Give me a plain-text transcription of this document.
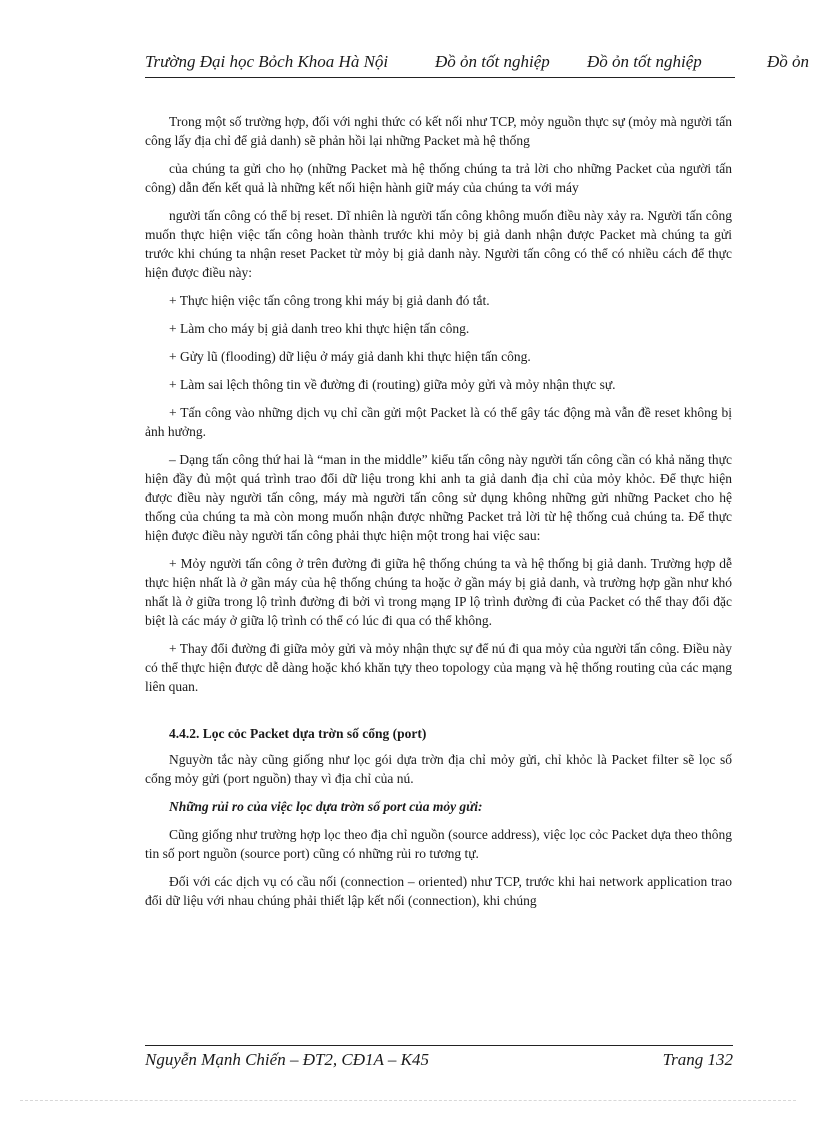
Trường Đại học Bỏch Khoa Hà Nội	Đồ ỏn tốt nghiệp Đồ ỏn tốt nghiệp	Đồ ỏn

Trong một số trường hợp, đối với nghi thức có kết nối như TCP, mỏy nguồn thực sự (mỏy mà người tấn công lấy địa chỉ để giả danh) sẽ phản hồi lại những Packet mà hệ thống

của chúng ta gửi cho họ (những Packet mà hệ thống chúng ta trả lời cho những Packet của người tấn công) dẫn đến kết quả là những kết nối hiện hành giữ máy của chúng ta với máy

người tấn công có thể bị reset. Dĩ nhiên là người tấn công không muốn điều này xảy ra. Người tấn công muốn thực hiện việc tấn công hoàn thành trước khi mỏy bị giả danh nhận được Packet mà chúng ta gửi trước khi chúng ta nhận reset Packet từ mỏy bị giả danh này. Người tấn công có thể có nhiều cách để thực hiện được điều này:

+ Thực hiện việc tấn công trong khi máy bị giả danh đó tắt.

+ Làm cho máy bị giả danh treo khi thực hiện tấn công.

+ Gửy lũ (flooding) dữ liệu ở máy giả danh khi thực hiện tấn công.

+ Làm sai lệch thông tin về đường đi (routing) giữa mỏy gửi và mỏy nhận thực sự.

+ Tấn công vào những dịch vụ chỉ cần gửi một Packet là có thể gây tác động mà vẫn đề reset không bị ảnh hưởng.

– Dạng tấn công thứ hai là “man in the middle” kiểu tấn công này người tấn công cần có khả năng thực hiện đầy đủ một quá trình trao đổi dữ liệu trong khi anh ta giả danh địa chỉ của mỏy khỏc. Để thực hiện được điều này người tấn công, máy mà người tấn công sử dụng không những gửi những Packet cho hệ thống của chúng ta mà còn mong muốn nhận được những Packet trả lời từ hệ thống cuả chúng ta. Để thực hiện được điều này người tấn công phải thực hiện một trong hai việc sau:

+ Mỏy người tấn công ở trên đường đi giữa hệ thống chúng ta và hệ thống bị giả danh. Trường hợp dễ thực hiện nhất là ở gần máy của hệ thống chúng ta hoặc ở gần máy bị giả danh, và trường hợp gần như khó nhất là ở giữa trong lộ trình đường đi bởi vì trong mạng IP lộ trình đường đi của Packet có thể thay đổi đặc biệt là các máy ở giữa lộ trình có thể có lúc đi qua có thể không.

+ Thay đổi đường đi giữa mỏy gửi và mỏy nhận thực sự để nú đi qua mỏy của người tấn công. Điều này có thể thực hiện được dễ dàng hoặc khó khăn tựy theo topology của mạng và hệ thống routing của các mạng liên quan.

4.4.2. Lọc cỏc Packet dựa trờn số cổng (port)

Nguyờn tắc này cũng giống như lọc gói dựa trờn địa chỉ mỏy gửi, chỉ khỏc là Packet filter sẽ lọc số cổng mỏy gửi (port nguồn) thay vì địa chỉ của nú.

Những rủi ro của việc lọc dựa trờn số port của mỏy gửi:

Cũng giống như trường hợp lọc theo địa chỉ nguồn (source address), việc lọc cỏc Packet dựa theo thông tin số port nguồn (source port) cũng có những rủi ro tương tự.

Đối với các dịch vụ có cầu nối (connection – oriented) như TCP, trước khi hai network application trao đổi dữ liệu với nhau chúng phải thiết lập kết nối (connection), khi chúng

Nguyễn Mạnh Chiến – ĐT2, CĐ1A – K45	Trang 132
